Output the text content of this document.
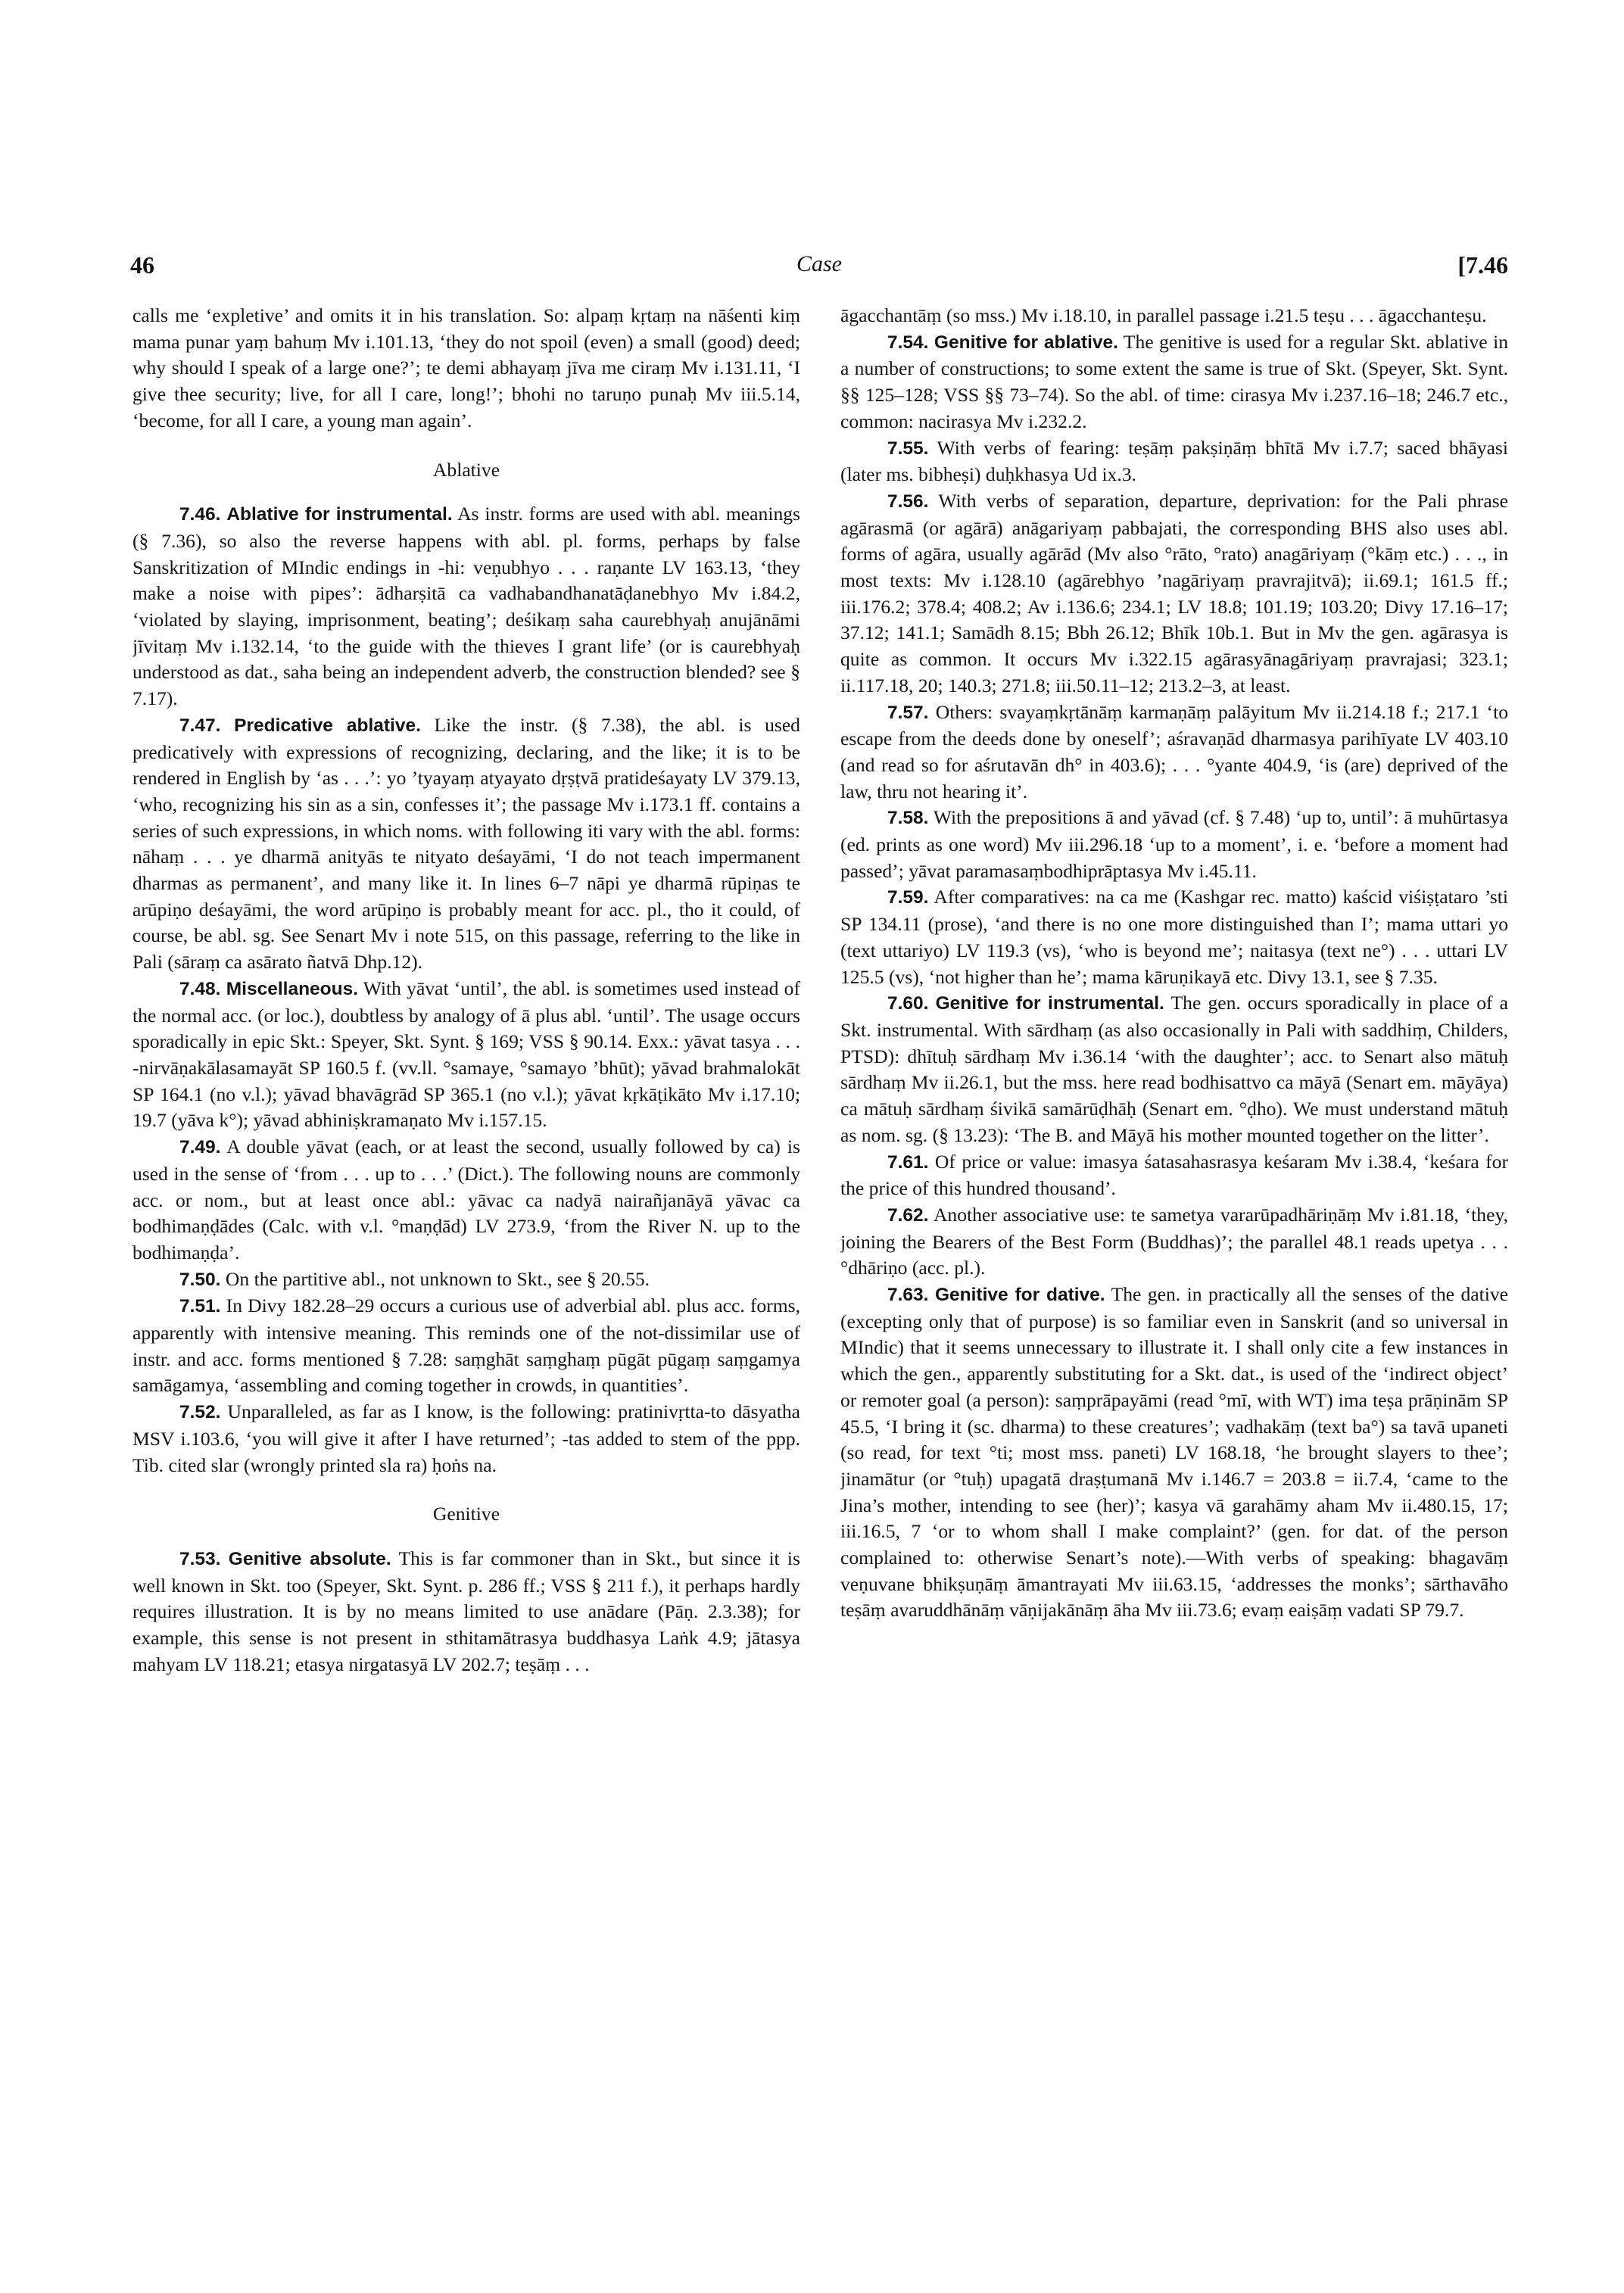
46	Case	[7.46

calls me ‘expletive’ and omits it in his translation. So: alpaṃ kṛtaṃ na nāśenti kiṃ mama punar yaṃ bahuṃ Mv i.101.13, ‘they do not spoil (even) a small (good) deed; why should I speak of a large one?’; te demi abhayaṃ jīva me ciraṃ Mv i.131.11, ‘I give thee security; live, for all I care, long!’; bhohi no taruṇo punaḥ Mv iii.5.14, ‘become, for all I care, a young man again’.

Ablative

7.46. Ablative for instrumental. As instr. forms are used with abl. meanings (§ 7.36), so also the reverse happens with abl. pl. forms, perhaps by false Sanskritization of MIndic endings in -hi: veṇubhyo . . . raṇante LV 163.13, ‘they make a noise with pipes’: ādharṣitā ca vadhabandhanatāḍanebhyo Mv i.84.2, ‘violated by slaying, imprisonment, beating’; deśikaṃ saha caurebhyaḥ anujānāmi jīvitaṃ Mv i.132.14, ‘to the guide with the thieves I grant life’ (or is caurebhyaḥ understood as dat., saha being an independent adverb, the construction blended? see § 7.17).

7.47. Predicative ablative. Like the instr. (§ 7.38), the abl. is used predicatively with expressions of recognizing, declaring, and the like; it is to be rendered in English by ‘as . . .’: yo ’tyayaṃ atyayato dṛṣṭvā pratideśayaty LV 379.13, ‘who, recognizing his sin as a sin, confesses it’; the passage Mv i.173.1 ff. contains a series of such expressions, in which noms. with following iti vary with the abl. forms: nāhaṃ . . . ye dharmā anityās te nityato deśayāmi, ‘I do not teach impermanent dharmas as permanent’, and many like it. In lines 6–7 nāpi ye dharmā rūpiṇas te arūpiṇo deśayāmi, the word arūpiṇo is probably meant for acc. pl., tho it could, of course, be abl. sg. See Senart Mv i note 515, on this passage, referring to the like in Pali (sāraṃ ca asārato ñatvā Dhp.12).

7.48. Miscellaneous. With yāvat ‘until’, the abl. is sometimes used instead of the normal acc. (or loc.), doubtless by analogy of ā plus abl. ‘until’. The usage occurs sporadically in epic Skt.: Speyer, Skt. Synt. § 169; VSS § 90.14. Exx.: yāvat tasya . . . -nirvāṇakālasamayāt SP 160.5 f. (vv.ll. °samaye, °samayo ’bhūt); yāvad brahmalokāt SP 164.1 (no v.l.); yāvad bhavāgrād SP 365.1 (no v.l.); yāvat kṛkāṭikāto Mv i.17.10; 19.7 (yāva k°); yāvad abhiniṣkramaṇato Mv i.157.15.

7.49. A double yāvat (each, or at least the second, usually followed by ca) is used in the sense of ‘from . . . up to . . .’ (Dict.). The following nouns are commonly acc. or nom., but at least once abl.: yāvac ca nadyā nairañjanāyā yāvac ca bodhimaṇḍādes (Calc. with v.l. °maṇḍād) LV 273.9, ‘from the River N. up to the bodhimaṇḍa’.

7.50. On the partitive abl., not unknown to Skt., see § 20.55.

7.51. In Divy 182.28–29 occurs a curious use of adverbial abl. plus acc. forms, apparently with intensive meaning. This reminds one of the not-dissimilar use of instr. and acc. forms mentioned § 7.28: saṃghāt saṃghaṃ pūgāt pūgaṃ saṃgamya samāgamya, ‘assembling and coming together in crowds, in quantities’.

7.52. Unparalleled, as far as I know, is the following: pratinivṛtta-to dāsyatha MSV i.103.6, ‘you will give it after I have returned’; -tas added to stem of the ppp. Tib. cited slar (wrongly printed sla ra) ḥoṅs na.

Genitive

7.53. Genitive absolute. This is far commoner than in Skt., but since it is well known in Skt. too (Speyer, Skt. Synt. p. 286 ff.; VSS § 211 f.), it perhaps hardly requires illustration. It is by no means limited to use anādare (Pāṇ. 2.3.38); for example, this sense is not present in sthitamātrasya buddhasya Laṅk 4.9; jātasya mahyam LV 118.21; etasya nirgatasyā LV 202.7; teṣāṃ . . .

āgacchantāṃ (so mss.) Mv i.18.10, in parallel passage i.21.5 teṣu . . . āgacchanteṣu.

7.54. Genitive for ablative. The genitive is used for a regular Skt. ablative in a number of constructions; to some extent the same is true of Skt. (Speyer, Skt. Synt. §§ 125–128; VSS §§ 73–74). So the abl. of time: cirasya Mv i.237.16–18; 246.7 etc., common: nacirasya Mv i.232.2.

7.55. With verbs of fearing: teṣāṃ pakṣiṇāṃ bhītā Mv i.7.7; saced bhāyasi (later ms. bibheṣi) duḥkhasya Ud ix.3.

7.56. With verbs of separation, departure, deprivation: for the Pali phrase agārasmā (or agārā) anāgariyaṃ pabbajati, the corresponding BHS also uses abl. forms of agāra, usually agārād (Mv also °rāto, °rato) anagāriyaṃ (°kāṃ etc.) . . ., in most texts: Mv i.128.10 (agārebhyo ’nagāriyaṃ pravrajitvā); ii.69.1; 161.5 ff.; iii.176.2; 378.4; 408.2; Av i.136.6; 234.1; LV 18.8; 101.19; 103.20; Divy 17.16–17; 37.12; 141.1; Samādh 8.15; Bbh 26.12; Bhīk 10b.1. But in Mv the gen. agārasya is quite as common. It occurs Mv i.322.15 agārasyānagāriyaṃ pravrajasi; 323.1; ii.117.18, 20; 140.3; 271.8; iii.50.11–12; 213.2–3, at least.

7.57. Others: svayaṃkṛtānāṃ karmaṇāṃ palāyitum Mv ii.214.18 f.; 217.1 ‘to escape from the deeds done by oneself’; aśravaṇād dharmasya parihīyate LV 403.10 (and read so for aśrutavān dh° in 403.6); . . . °yante 404.9, ‘is (are) deprived of the law, thru not hearing it’.

7.58. With the prepositions ā and yāvad (cf. § 7.48) ‘up to, until’: ā muhūrtasya (ed. prints as one word) Mv iii.296.18 ‘up to a moment’, i. e. ‘before a moment had passed’; yāvat paramasaṃbodhiprāptasya Mv i.45.11.

7.59. After comparatives: na ca me (Kashgar rec. matto) kaścid viśiṣṭataro ’sti SP 134.11 (prose), ‘and there is no one more distinguished than I’; mama uttari yo (text uttariyo) LV 119.3 (vs), ‘who is beyond me’; naitasya (text ne°) . . . uttari LV 125.5 (vs), ‘not higher than he’; mama kāruṇikayā etc. Divy 13.1, see § 7.35.

7.60. Genitive for instrumental. The gen. occurs sporadically in place of a Skt. instrumental. With sārdhaṃ (as also occasionally in Pali with saddhiṃ, Childers, PTSD): dhītuḥ sārdhaṃ Mv i.36.14 ‘with the daughter’; acc. to Senart also mātuḥ sārdhaṃ Mv ii.26.1, but the mss. here read bodhisattvo ca māyā (Senart em. māyāya) ca mātuḥ sārdhaṃ śivikā samārūḍhāḥ (Senart em. °ḍho). We must understand mātuḥ as nom. sg. (§ 13.23): ‘The B. and Māyā his mother mounted together on the litter’.

7.61. Of price or value: imasya śatasahasrasya keśaram Mv i.38.4, ‘keśara for the price of this hundred thousand’.

7.62. Another associative use: te sametya vararūpadhāriṇāṃ Mv i.81.18, ‘they, joining the Bearers of the Best Form (Buddhas)’; the parallel 48.1 reads upetya . . . °dhāriṇo (acc. pl.).

7.63. Genitive for dative. The gen. in practically all the senses of the dative (excepting only that of purpose) is so familiar even in Sanskrit (and so universal in MIndic) that it seems unnecessary to illustrate it. I shall only cite a few instances in which the gen., apparently substituting for a Skt. dat., is used of the ‘indirect object’ or remoter goal (a person): saṃprāpayāmi (read °mī, with WT) ima teṣa prāṇinām SP 45.5, ‘I bring it (sc. dharma) to these creatures’; vadhakāṃ (text ba°) sa tavā upaneti (so read, for text °ti; most mss. paneti) LV 168.18, ‘he brought slayers to thee’; jinamātur (or °tuḥ) upagatā draṣṭumanā Mv i.146.7 = 203.8 = ii.7.4, ‘came to the Jina’s mother, intending to see (her)’; kasya vā garahāmy aham Mv ii.480.15, 17; iii.16.5, 7 ‘or to whom shall I make complaint?’ (gen. for dat. of the person complained to: otherwise Senart’s note).—With verbs of speaking: bhagavāṃ veṇuvane bhikṣuṇāṃ āmantrayati Mv iii.63.15, ‘addresses the monks’; sārthavāho teṣāṃ avaruddhānāṃ vāṇijakānāṃ āha Mv iii.73.6; evaṃ eaiṣāṃ vadati SP 79.7.
